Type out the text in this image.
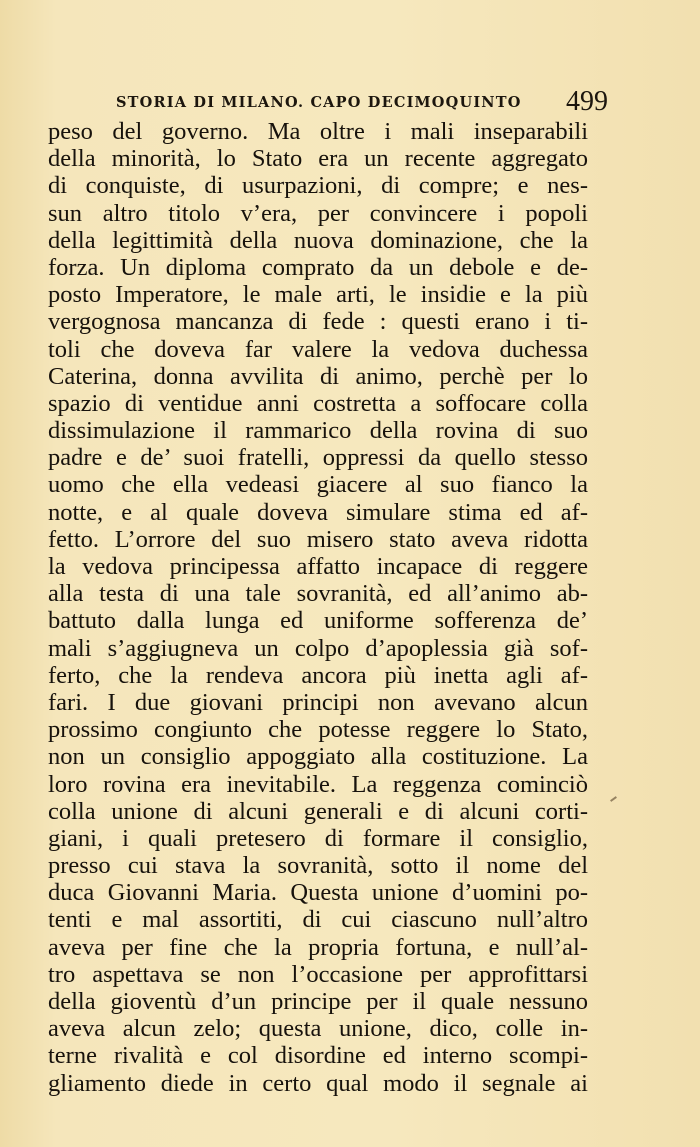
STORIA DI MILANO. CAPO DECIMOQUINTO 499
peso del governo. Ma oltre i mali inseparabili
della minorità, lo Stato era un recente aggregato
di conquiste, di usurpazioni, di compre; e nes-
sun altro titolo v’era, per convincere i popoli
della legittimità della nuova dominazione, che la
forza. Un diploma comprato da un debole e de-
posto Imperatore, le male arti, le insidie e la più
vergognosa mancanza di fede : questi erano i ti-
toli che doveva far valere la vedova duchessa
Caterina, donna avvilita di animo, perchè per lo
spazio di ventidue anni costretta a soffocare colla
dissimulazione il rammarico della rovina di suo
padre e de’ suoi fratelli, oppressi da quello stesso
uomo che ella vedeasi giacere al suo fianco la
notte, e al quale doveva simulare stima ed af-
fetto. L’orrore del suo misero stato aveva ridotta
la vedova principessa affatto incapace di reggere
alla testa di una tale sovranità, ed all’animo ab-
battuto dalla lunga ed uniforme sofferenza de’
mali s’aggiugneva un colpo d’apoplessia già sof-
ferto, che la rendeva ancora più inetta agli af-
fari. I due giovani principi non avevano alcun
prossimo congiunto che potesse reggere lo Stato,
non un consiglio appoggiato alla costituzione. La
loro rovina era inevitabile. La reggenza cominciò
colla unione di alcuni generali e di alcuni corti-
giani, i quali pretesero di formare il consiglio,
presso cui stava la sovranità, sotto il nome del
duca Giovanni Maria. Questa unione d’uomini po-
tenti e mal assortiti, di cui ciascuno null’altro
aveva per fine che la propria fortuna, e null’al-
tro aspettava se non l’occasione per approfittarsi
della gioventù d’un principe per il quale nessuno
aveva alcun zelo; questa unione, dico, colle in-
terne rivalità e col disordine ed interno scompi-
gliamento diede in certo qual modo il segnale ai
